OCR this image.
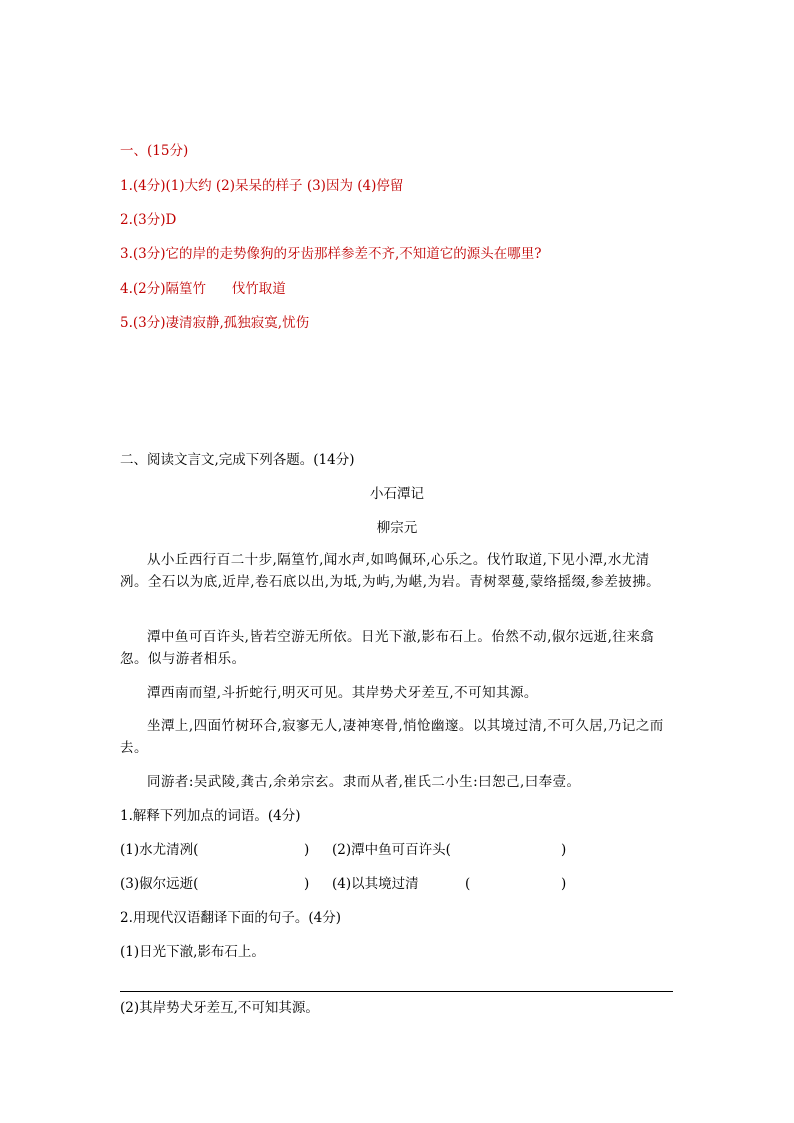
一、(15分)
1.(4分)(1)大约 (2)呆呆的样子 (3)因为 (4)停留
2.(3分)D
3.(3分)它的岸的走势像狗的牙齿那样参差不齐,不知道它的源头在哪里?
4.(2分)隔篁竹      伐竹取道
5.(3分)凄清寂静,孤独寂寞,忧伤
二、阅读文言文,完成下列各题。(14分)
小石潭记
柳宗元
从小丘西行百二十步,隔篁竹,闻水声,如鸣佩环,心乐之。伐竹取道,下见小潭,水尤清冽。全石以为底,近岸,卷石底以出,为坻,为屿,为嵁,为岩。青树翠蔓,蒙络摇缀,参差披拂。
潭中鱼可百许头,皆若空游无所依。日光下澈,影布石上。佁然不动,俶尔远逝,往来翕忽。似与游者相乐。
潭西南而望,斗折蛇行,明灭可见。其岸势犬牙差互,不可知其源。
坐潭上,四面竹树环合,寂寥无人,凄神寒骨,悄怆幽邃。以其境过清,不可久居,乃记之而去。
同游者:吴武陵,龚古,余弟宗玄。隶而从者,崔氏二小生:曰恕己,曰奉壹。
1.解释下列加点的词语。(4分)
(1)水尤清冽(	) (2)潭中鱼可百许头(	)
(3)俶尔远逝(	) (4)以其境过清	(	)
2.用现代汉语翻译下面的句子。(4分)
(1)日光下澈,影布石上。
(2)其岸势犬牙差互,不可知其源。
